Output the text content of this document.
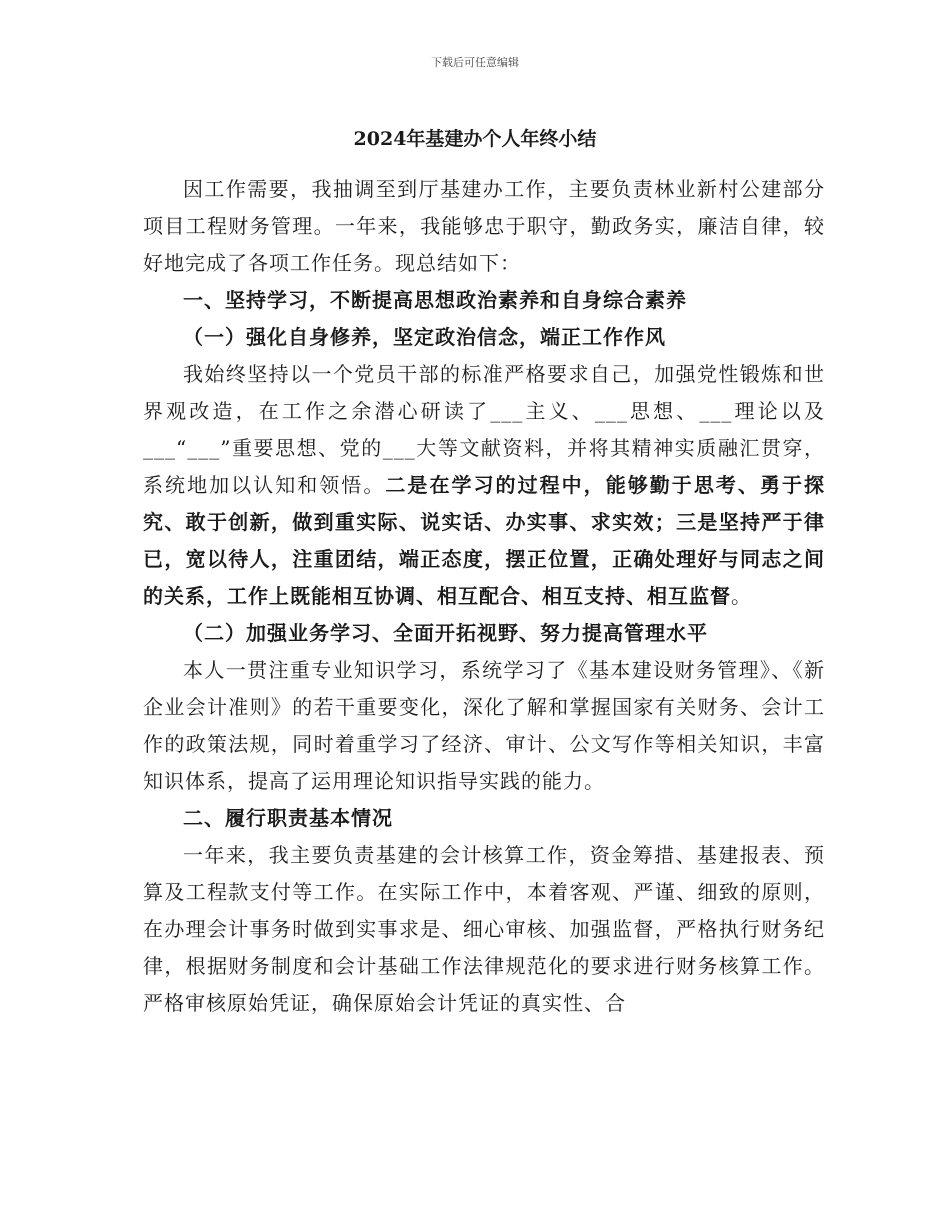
下载后可任意编辑
2024年基建办个人年终小结

因工作需要，我抽调至到厅基建办工作，主要负责林业新村公建部分项目工程财务管理。一年来，我能够忠于职守，勤政务实，廉洁自律，较好地完成了各项工作任务。现总结如下：

一、坚持学习，不断提高思想政治素养和自身综合素养

（一）强化自身修养，坚定政治信念，端正工作作风

我始终坚持以一个党员干部的标准严格要求自己，加强党性锻炼和世界观改造，在工作之余潜心研读了___主义、___思想、___理论以及___“___”重要思想、党的___大等文献资料，并将其精神实质融汇贯穿，系统地加以认知和领悟。二是在学习的过程中，能够勤于思考、勇于探究、敢于创新，做到重实际、说实话、办实事、求实效；三是坚持严于律已，宽以待人，注重团结，端正态度，摆正位置，正确处理好与同志之间的关系，工作上既能相互协调、相互配合、相互支持、相互监督。

（二）加强业务学习、全面开拓视野、努力提高管理水平

本人一贯注重专业知识学习，系统学习了《基本建设财务管理》、《新企业会计准则》的若干重要变化，深化了解和掌握国家有关财务、会计工作的政策法规，同时着重学习了经济、审计、公文写作等相关知识，丰富知识体系，提高了运用理论知识指导实践的能力。

二、履行职责基本情况

一年来，我主要负责基建的会计核算工作，资金筹措、基建报表、预算及工程款支付等工作。在实际工作中，本着客观、严谨、细致的原则，在办理会计事务时做到实事求是、细心审核、加强监督，严格执行财务纪律，根据财务制度和会计基础工作法律规范化的要求进行财务核算工作。严格审核原始凭证，确保原始会计凭证的真实性、合
